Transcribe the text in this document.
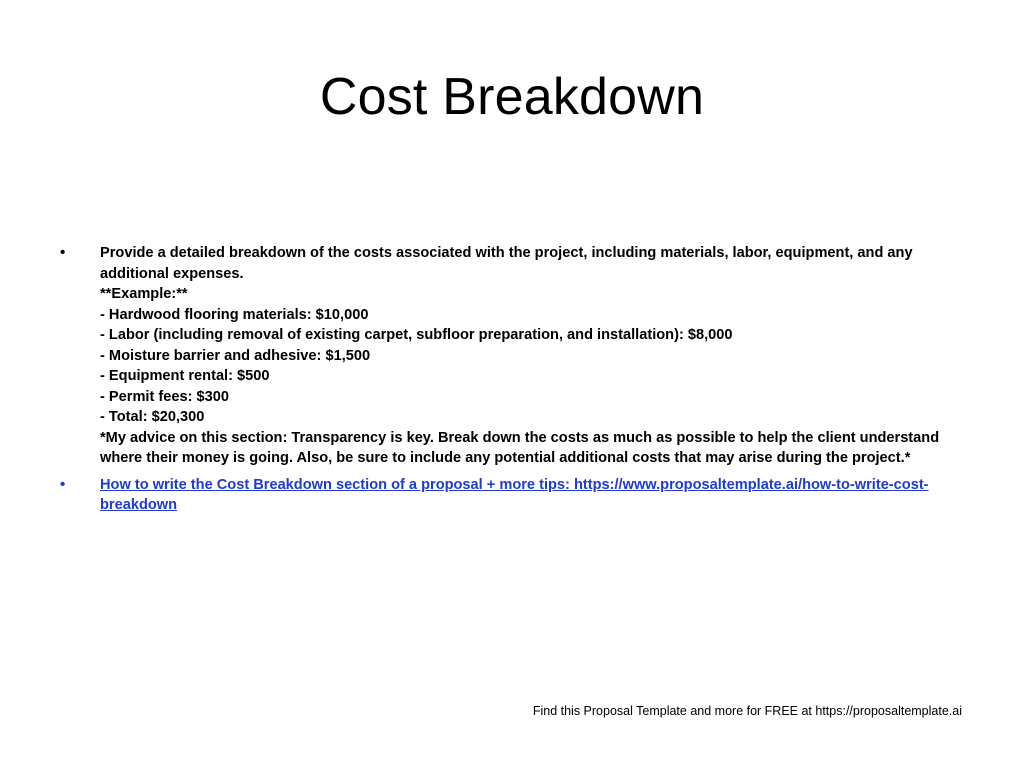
Cost Breakdown
•	Provide a detailed breakdown of the costs associated with the project, including materials, labor, equipment, and any additional expenses.
**Example:**
- Hardwood flooring materials: $10,000
- Labor (including removal of existing carpet, subfloor preparation, and installation): $8,000
- Moisture barrier and adhesive: $1,500
- Equipment rental: $500
- Permit fees: $300
- Total: $20,300
*My advice on this section: Transparency is key. Break down the costs as much as possible to help the client understand where their money is going. Also, be sure to include any potential additional costs that may arise during the project.*
•	How to write the Cost Breakdown section of a proposal + more tips: https://www.proposaltemplate.ai/how-to-write-cost-breakdown
Find this Proposal Template and more for FREE at https://proposaltemplate.ai
